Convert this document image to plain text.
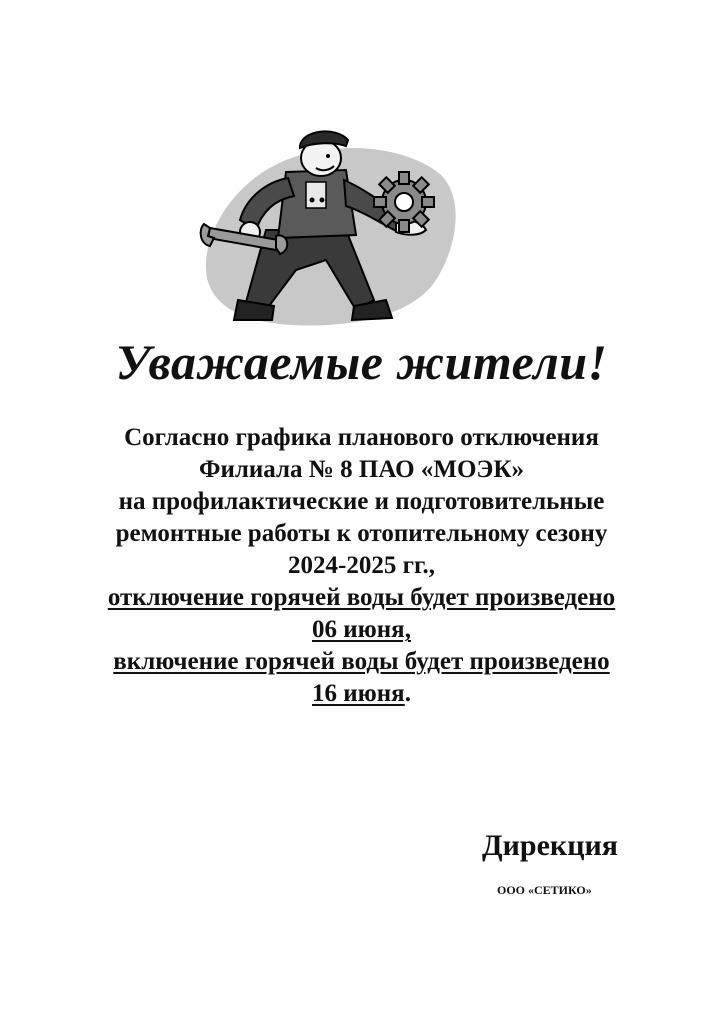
Уважаемые жители!
Согласно графика планового отключения
Филиала № 8 ПАО «МОЭК»
на профилактические и подготовительные
ремонтные работы к отопительному сезону
2024-2025 гг.,
отключение горячей воды будет произведено
06 июня,
включение горячей воды будет произведено
16 июня.
Дирекция
ООО «СЕТИКО»
